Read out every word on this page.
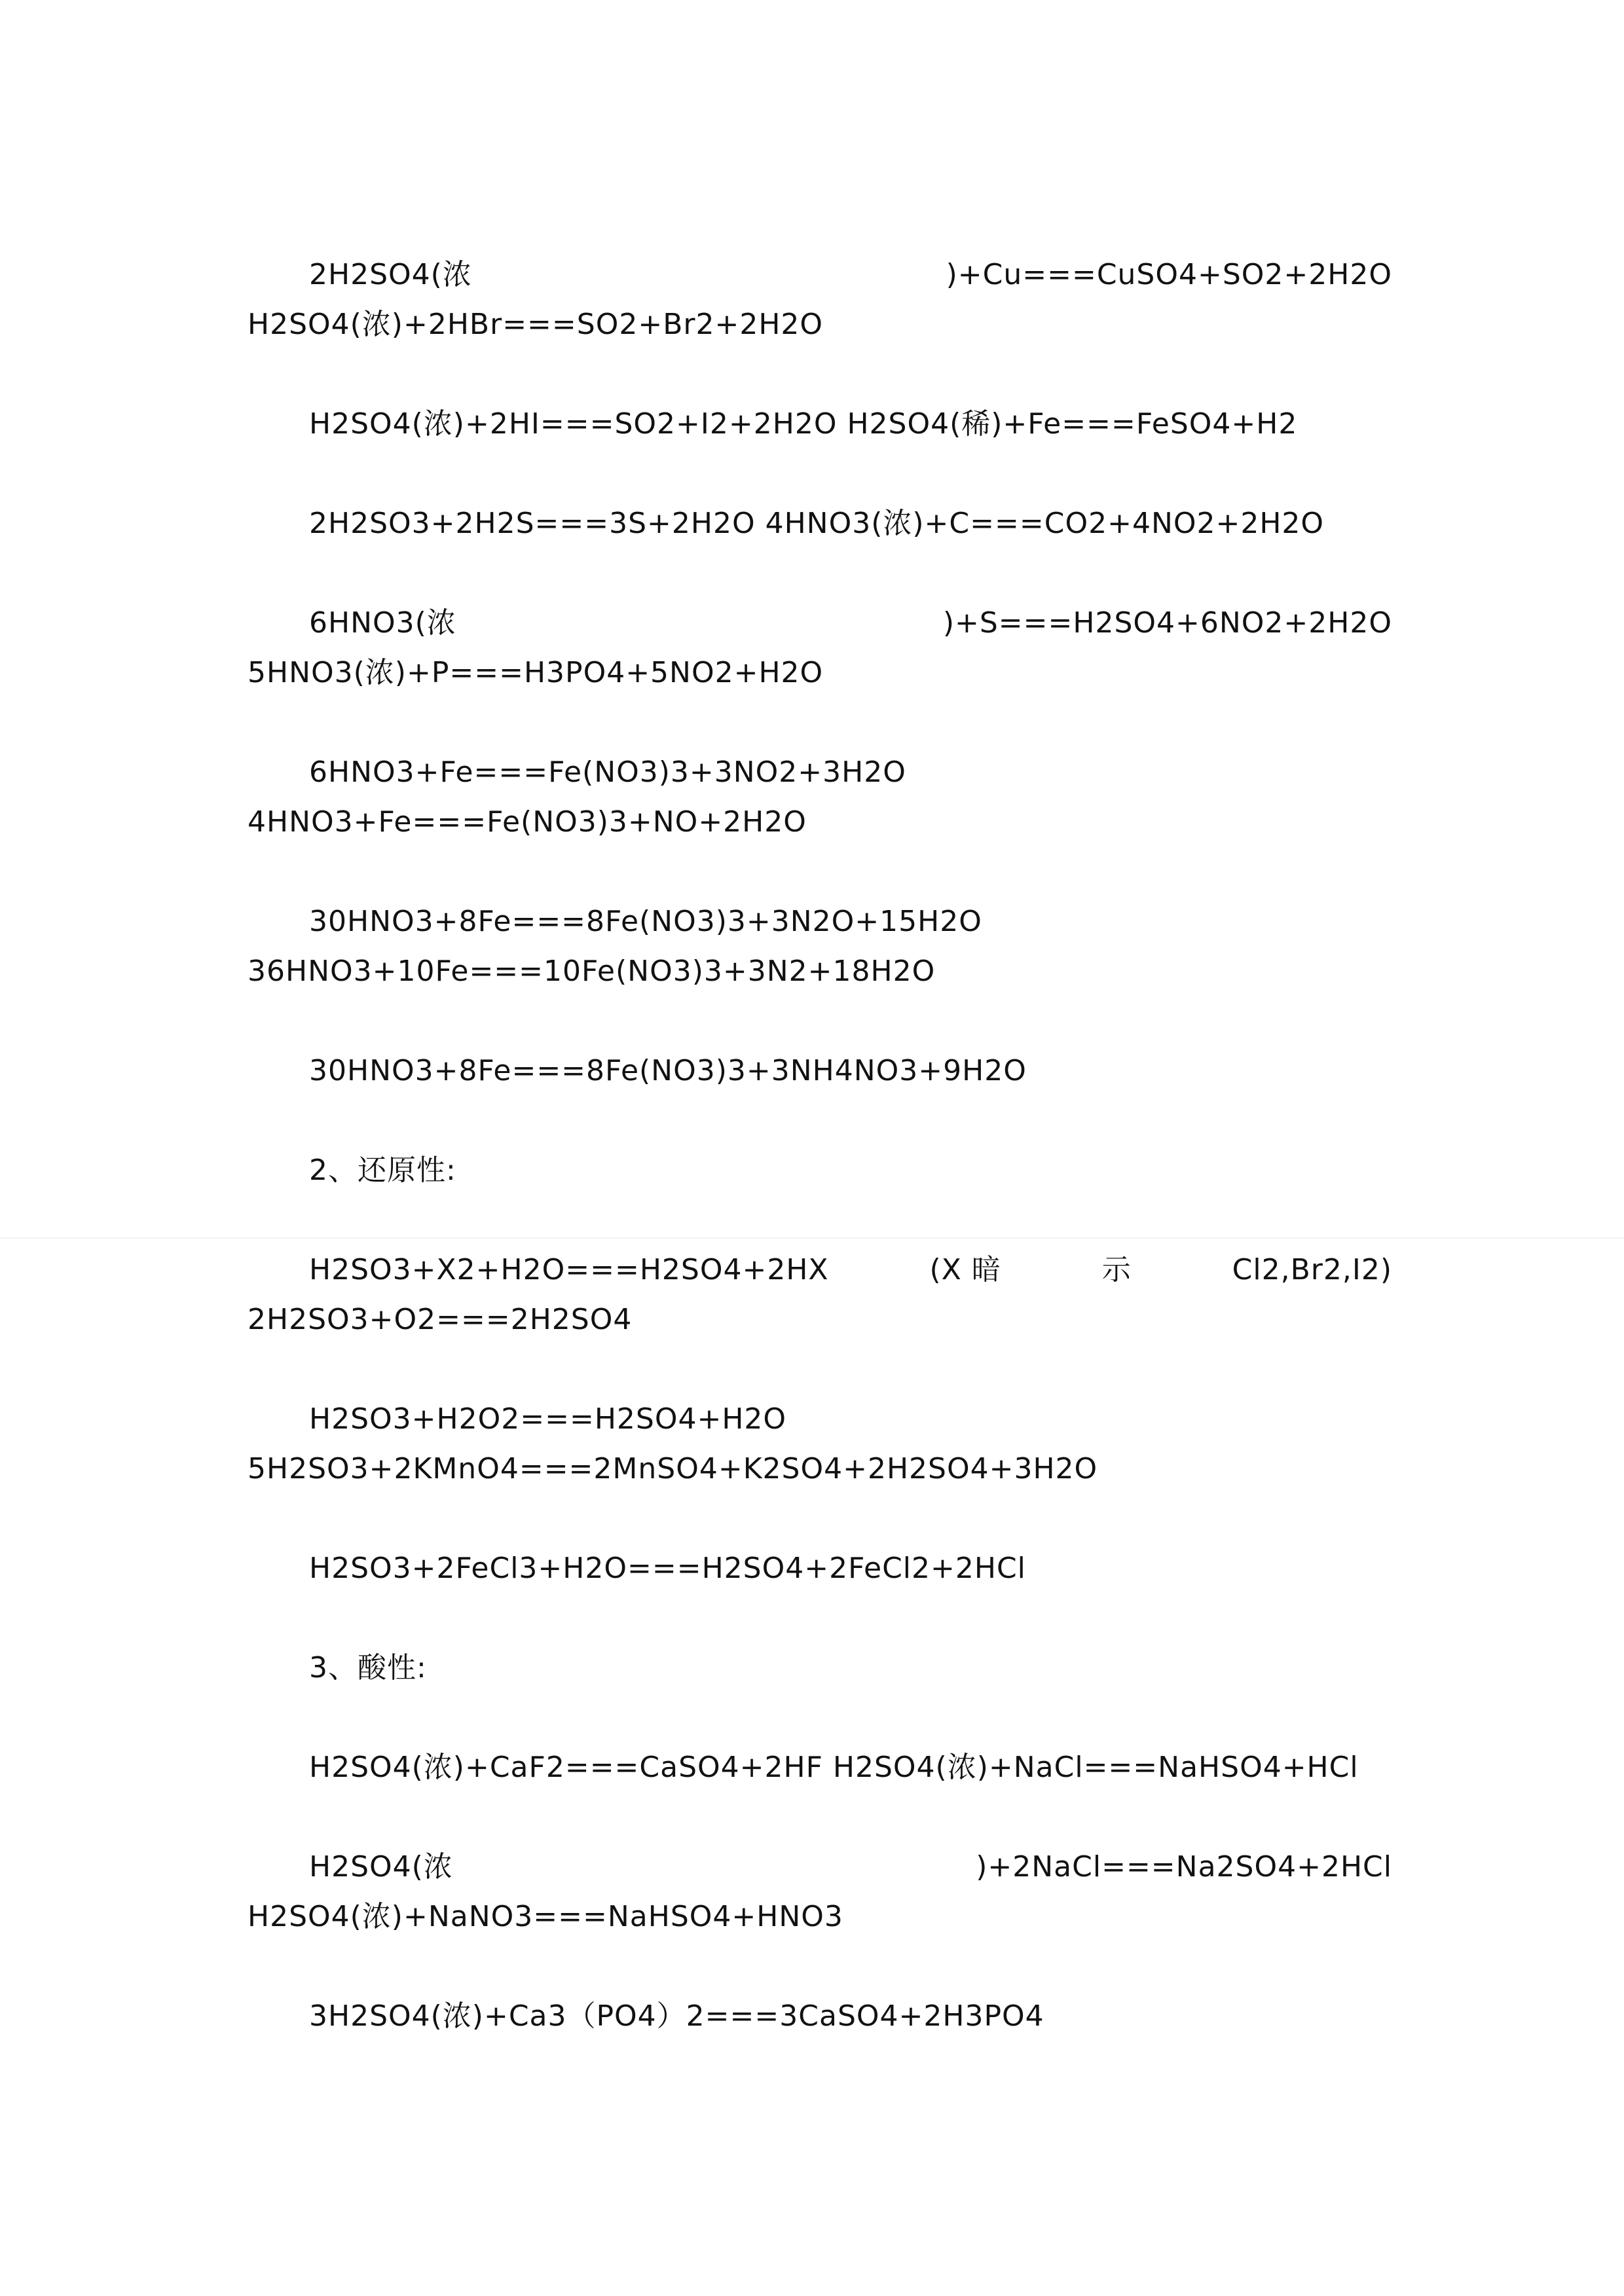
2H2SO4(浓	)+Cu===CuSO4+SO2+2H2O
H2SO4(浓)+2HBr===SO2+Br2+2H2O
H2SO4(浓)+2HI===SO2+I2+2H2O H2SO4(稀)+Fe===FeSO4+H2
2H2SO3+2H2S===3S+2H2O 4HNO3(浓)+C===CO2+4NO2+2H2O
6HNO3(浓	)+S===H2SO4+6NO2+2H2O
5HNO3(浓)+P===H3PO4+5NO2+H2O
6HNO3+Fe===Fe(NO3)3+3NO2+3H2O
4HNO3+Fe===Fe(NO3)3+NO+2H2O
30HNO3+8Fe===8Fe(NO3)3+3N2O+15H2O
36HNO3+10Fe===10Fe(NO3)3+3N2+18H2O
30HNO3+8Fe===8Fe(NO3)3+3NH4NO3+9H2O
2、还原性:
H2SO3+X2+H2O===H2SO4+2HX	(X 暗	示	Cl2,Br2,I2)
2H2SO3+O2===2H2SO4
H2SO3+H2O2===H2SO4+H2O
5H2SO3+2KMnO4===2MnSO4+K2SO4+2H2SO4+3H2O
H2SO3+2FeCl3+H2O===H2SO4+2FeCl2+2HCl
3、酸性:
H2SO4(浓)+CaF2===CaSO4+2HF H2SO4(浓)+NaCl===NaHSO4+HCl
H2SO4(浓	)+2NaCl===Na2SO4+2HCl
H2SO4(浓)+NaNO3===NaHSO4+HNO3
3H2SO4(浓)+Ca3（PO4）2===3CaSO4+2H3PO4
